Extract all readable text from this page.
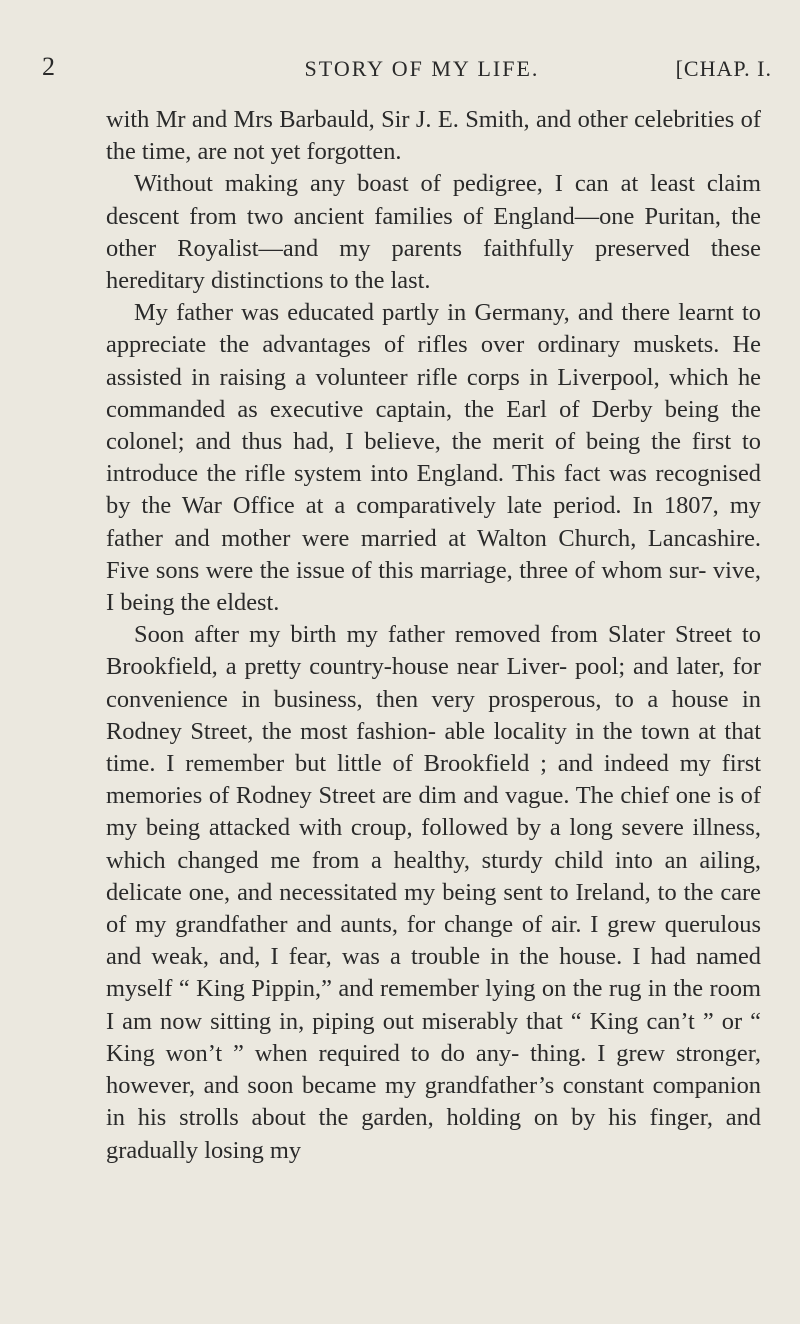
2	STORY OF MY LIFE.	[CHAP. I.

with Mr and Mrs Barbauld, Sir J. E. Smith, and other celebrities of the time, are not yet forgotten.

Without making any boast of pedigree, I can at least claim descent from two ancient families of England—one Puritan, the other Royalist—and my parents faithfully preserved these hereditary distinctions to the last.

My father was educated partly in Germany, and there learnt to appreciate the advantages of rifles over ordinary muskets. He assisted in raising a volunteer rifle corps in Liverpool, which he commanded as executive captain, the Earl of Derby being the colonel; and thus had, I believe, the merit of being the first to introduce the rifle system into England. This fact was recognised by the War Office at a comparatively late period. In 1807, my father and mother were married at Walton Church, Lancashire. Five sons were the issue of this marriage, three of whom sur- vive, I being the eldest.

Soon after my birth my father removed from Slater Street to Brookfield, a pretty country-house near Liver- pool; and later, for convenience in business, then very prosperous, to a house in Rodney Street, the most fashion- able locality in the town at that time. I remember but little of Brookfield ; and indeed my first memories of Rodney Street are dim and vague. The chief one is of my being attacked with croup, followed by a long severe illness, which changed me from a healthy, sturdy child into an ailing, delicate one, and necessitated my being sent to Ireland, to the care of my grandfather and aunts, for change of air. I grew querulous and weak, and, I fear, was a trouble in the house. I had named myself “ King Pippin,” and remember lying on the rug in the room I am now sitting in, piping out miserably that “ King can’t ” or “ King won’t ” when required to do any- thing. I grew stronger, however, and soon became my grandfather’s constant companion in his strolls about the garden, holding on by his finger, and gradually losing my
